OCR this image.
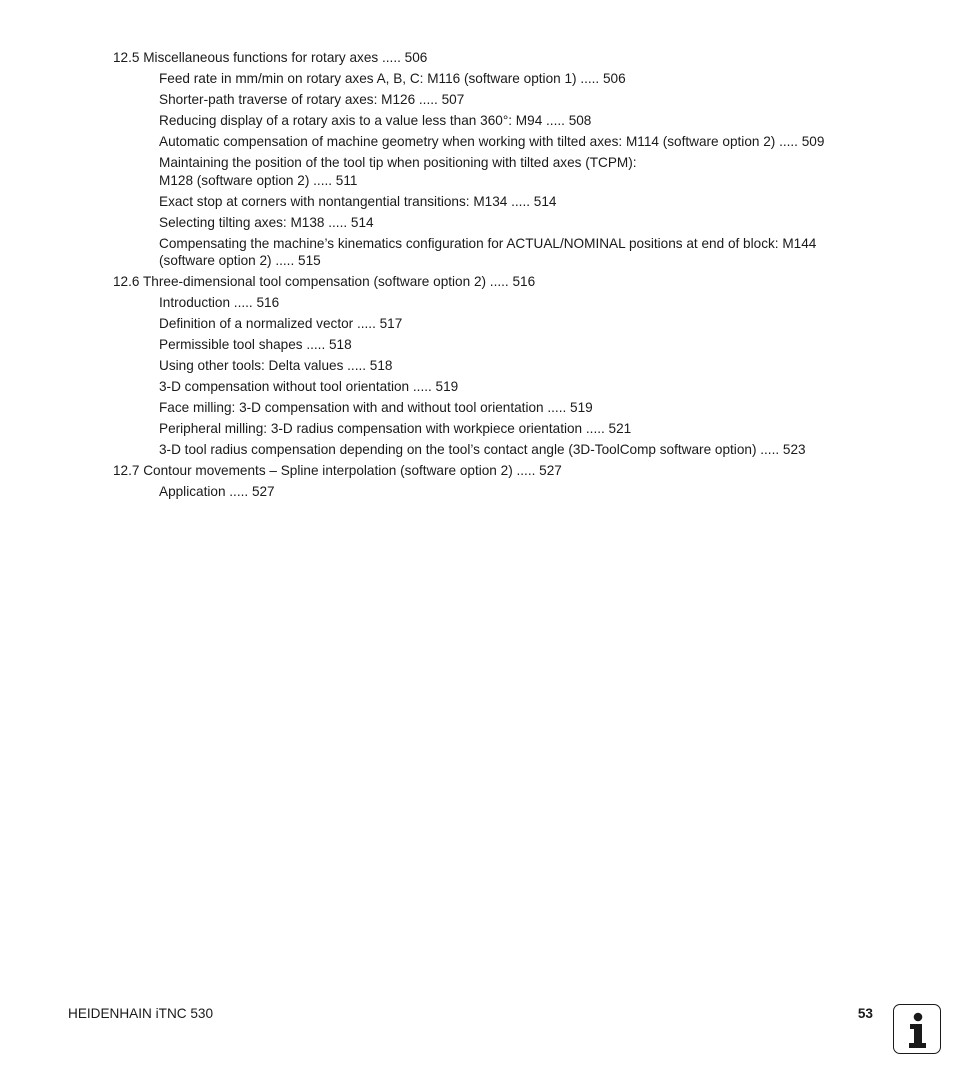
12.5 Miscellaneous functions for rotary axes ..... 506
Feed rate in mm/min on rotary axes A, B, C: M116 (software option 1) ..... 506
Shorter-path traverse of rotary axes: M126 ..... 507
Reducing display of a rotary axis to a value less than 360°: M94 ..... 508
Automatic compensation of machine geometry when working with tilted axes: M114 (software option 2) ..... 509
Maintaining the position of the tool tip when positioning with tilted axes (TCPM):
M128 (software option 2) ..... 511
Exact stop at corners with nontangential transitions: M134 ..... 514
Selecting tilting axes: M138 ..... 514
Compensating the machine’s kinematics configuration for ACTUAL/NOMINAL positions at end of block: M144
(software option 2) ..... 515
12.6 Three-dimensional tool compensation (software option 2) ..... 516
Introduction ..... 516
Definition of a normalized vector ..... 517
Permissible tool shapes ..... 518
Using other tools: Delta values ..... 518
3-D compensation without tool orientation ..... 519
Face milling: 3-D compensation with and without tool orientation ..... 519
Peripheral milling: 3-D radius compensation with workpiece orientation ..... 521
3-D tool radius compensation depending on the tool’s contact angle (3D-ToolComp software option) ..... 523
12.7 Contour movements – Spline interpolation (software option 2) ..... 527
Application ..... 527
HEIDENHAIN iTNC 530	53
